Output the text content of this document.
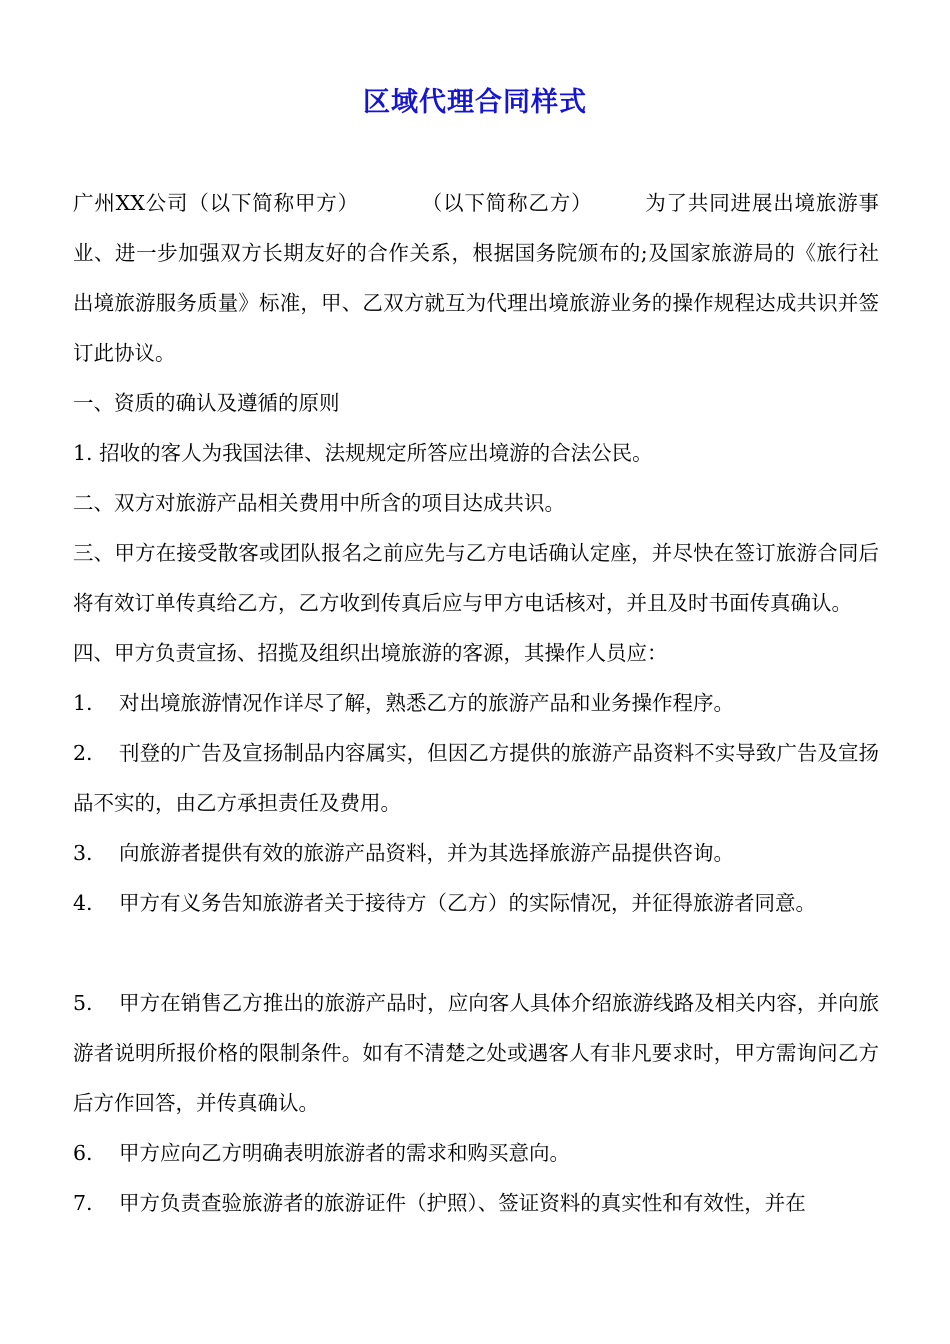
区域代理合同样式

广州XX公司（以下简称甲方）	（以下简称乙方）	为了共同进展出境旅游事业、进一步加强双方长期友好的合作关系，根据国务院颁布的;及国家旅游局的《旅行社出境旅游服务质量》标准，甲、乙双方就互为代理出境旅游业务的操作规程达成共识并签订此协议。

一、资质的确认及遵循的原则

1. 招收的客人为我国法律、法规规定所答应出境游的合法公民。

二、双方对旅游产品相关费用中所含的项目达成共识。

三、甲方在接受散客或团队报名之前应先与乙方电话确认定座，并尽快在签订旅游合同后将有效订单传真给乙方，乙方收到传真后应与甲方电话核对，并且及时书面传真确认。

四、甲方负责宣扬、招揽及组织出境旅游的客源，其操作人员应：

1. 对出境旅游情况作详尽了解，熟悉乙方的旅游产品和业务操作程序。

2. 刊登的广告及宣扬制品内容属实，但因乙方提供的旅游产品资料不实导致广告及宣扬品不实的，由乙方承担责任及费用。

3. 向旅游者提供有效的旅游产品资料，并为其选择旅游产品提供咨询。

4. 甲方有义务告知旅游者关于接待方（乙方）的实际情况，并征得旅游者同意。

5. 甲方在销售乙方推出的旅游产品时，应向客人具体介绍旅游线路及相关内容，并向旅游者说明所报价格的限制条件。如有不清楚之处或遇客人有非凡要求时，甲方需询问乙方后方作回答，并传真确认。

6. 甲方应向乙方明确表明旅游者的需求和购买意向。

7. 甲方负责查验旅游者的旅游证件（护照）、签证资料的真实性和有效性，并在
